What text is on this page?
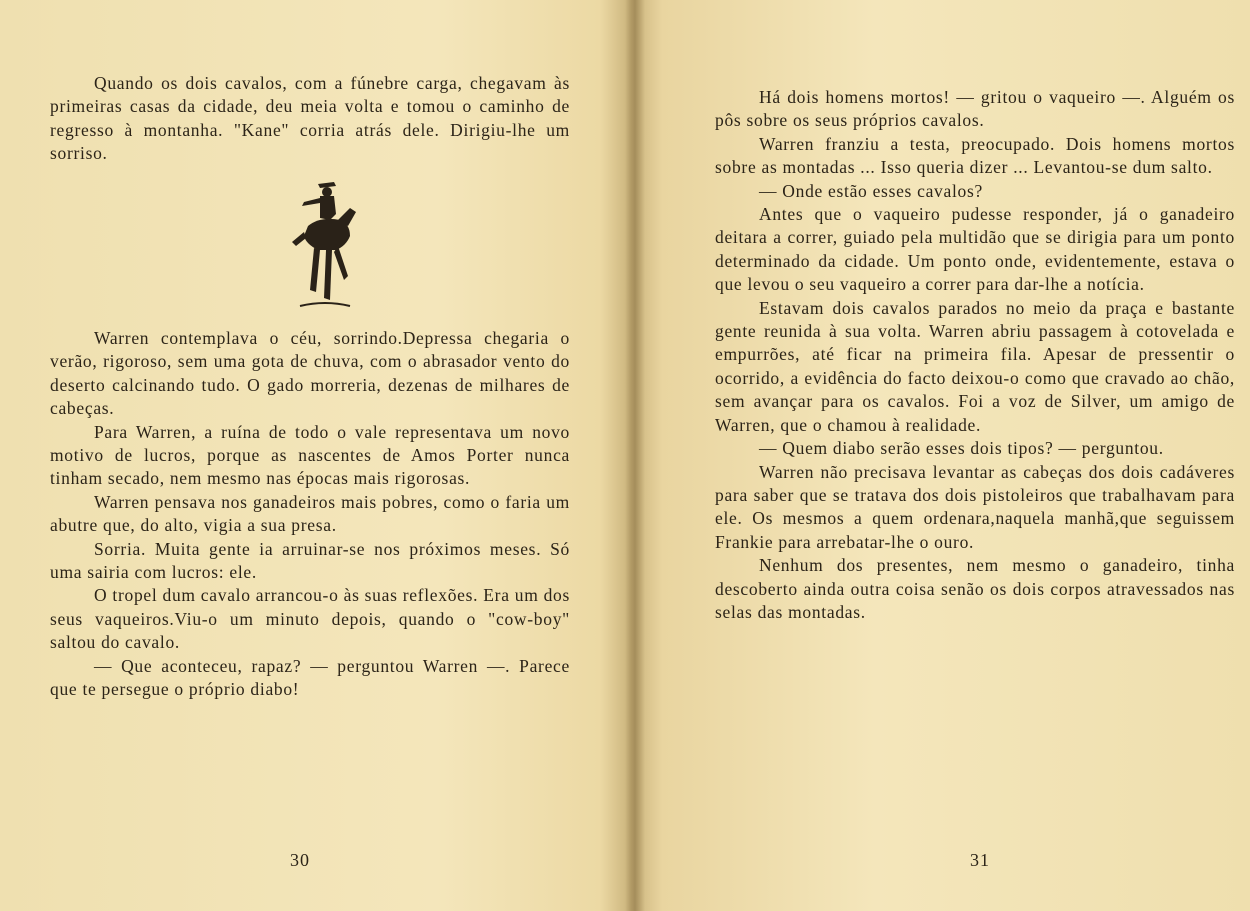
Quando os dois cavalos, com a fúnebre carga, chegavam às primeiras casas da cidade, deu meia volta e tomou o caminho de regresso à montanha. "Kane" corria atrás dele. Dirigiu-lhe um sorriso.

Warren contemplava o céu, sorrindo.Depressa chegaria o verão, rigoroso, sem uma gota de chuva, com o abrasador vento do deserto calcinando tudo. O gado morreria, dezenas de milhares de cabeças.

Para Warren, a ruína de todo o vale representava um novo motivo de lucros, porque as nascentes de Amos Porter nunca tinham secado, nem mesmo nas épocas mais rigorosas.

Warren pensava nos ganadeiros mais pobres, como o faria um abutre que, do alto, vigia a sua presa.

Sorria. Muita gente ia arruinar-se nos próximos meses. Só uma sairia com lucros: ele.

O tropel dum cavalo arrancou-o às suas reflexões. Era um dos seus vaqueiros.Viu-o um minuto depois, quando o "cow-boy" saltou do cavalo.

— Que aconteceu, rapaz? — perguntou Warren —. Parece que te persegue o próprio diabo!

30

Há dois homens mortos! — gritou o vaqueiro —. Alguém os pôs sobre os seus próprios cavalos.

Warren franziu a testa, preocupado. Dois homens mortos sobre as montadas ... Isso queria dizer ... Levantou-se dum salto.

— Onde estão esses cavalos?

Antes que o vaqueiro pudesse responder, já o ganadeiro deitara a correr, guiado pela multidão que se dirigia para um ponto determinado da cidade. Um ponto onde, evidentemente, estava o que levou o seu vaqueiro a correr para dar-lhe a notícia.

Estavam dois cavalos parados no meio da praça e bastante gente reunida à sua volta. Warren abriu passagem à cotovelada e empurrões, até ficar na primeira fila. Apesar de pressentir o ocorrido, a evidência do facto deixou-o como que cravado ao chão, sem avançar para os cavalos. Foi a voz de Silver, um amigo de Warren, que o chamou à realidade.

— Quem diabo serão esses dois tipos? — perguntou.

Warren não precisava levantar as cabeças dos dois cadáveres para saber que se tratava dos dois pistoleiros que trabalhavam para ele. Os mesmos a quem ordenara,naquela manhã,que seguissem Frankie para arrebatar-lhe o ouro.

Nenhum dos presentes, nem mesmo o ganadeiro, tinha descoberto ainda outra coisa senão os dois corpos atravessados nas selas das montadas.

31
